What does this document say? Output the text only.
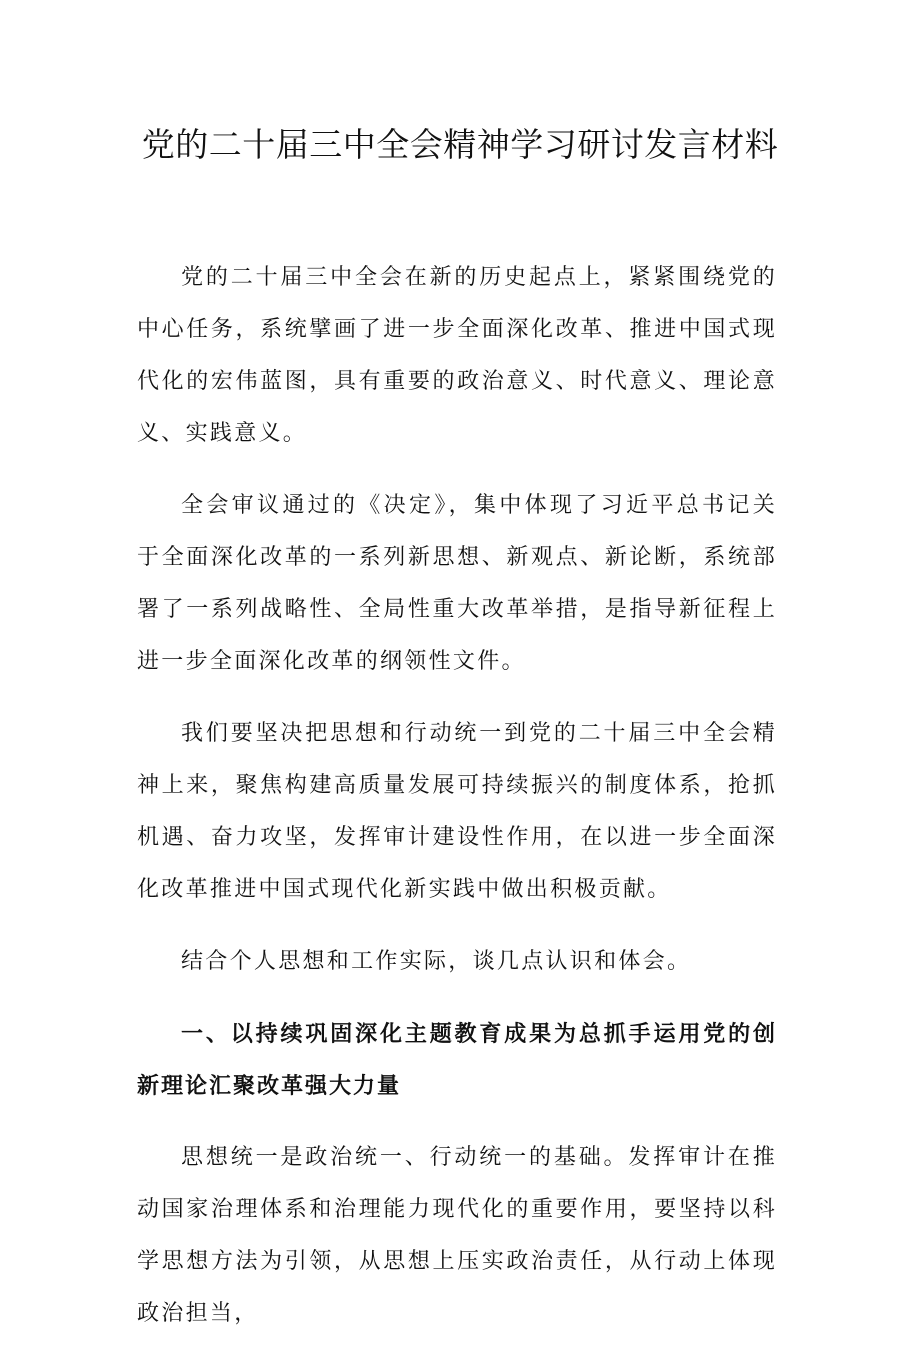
党的二十届三中全会精神学习研讨发言材料

党的二十届三中全会在新的历史起点上，紧紧围绕党的中心任务，系统擘画了进一步全面深化改革、推进中国式现代化的宏伟蓝图，具有重要的政治意义、时代意义、理论意义、实践意义。

全会审议通过的《决定》，集中体现了习近平总书记关于全面深化改革的一系列新思想、新观点、新论断，系统部署了一系列战略性、全局性重大改革举措，是指导新征程上进一步全面深化改革的纲领性文件。

我们要坚决把思想和行动统一到党的二十届三中全会精神上来，聚焦构建高质量发展可持续振兴的制度体系，抢抓机遇、奋力攻坚，发挥审计建设性作用，在以进一步全面深化改革推进中国式现代化新实践中做出积极贡献。

结合个人思想和工作实际，谈几点认识和体会。

一、以持续巩固深化主题教育成果为总抓手运用党的创新理论汇聚改革强大力量

思想统一是政治统一、行动统一的基础。发挥审计在推动国家治理体系和治理能力现代化的重要作用，要坚持以科学思想方法为引领，从思想上压实政治责任，从行动上体现政治担当，
